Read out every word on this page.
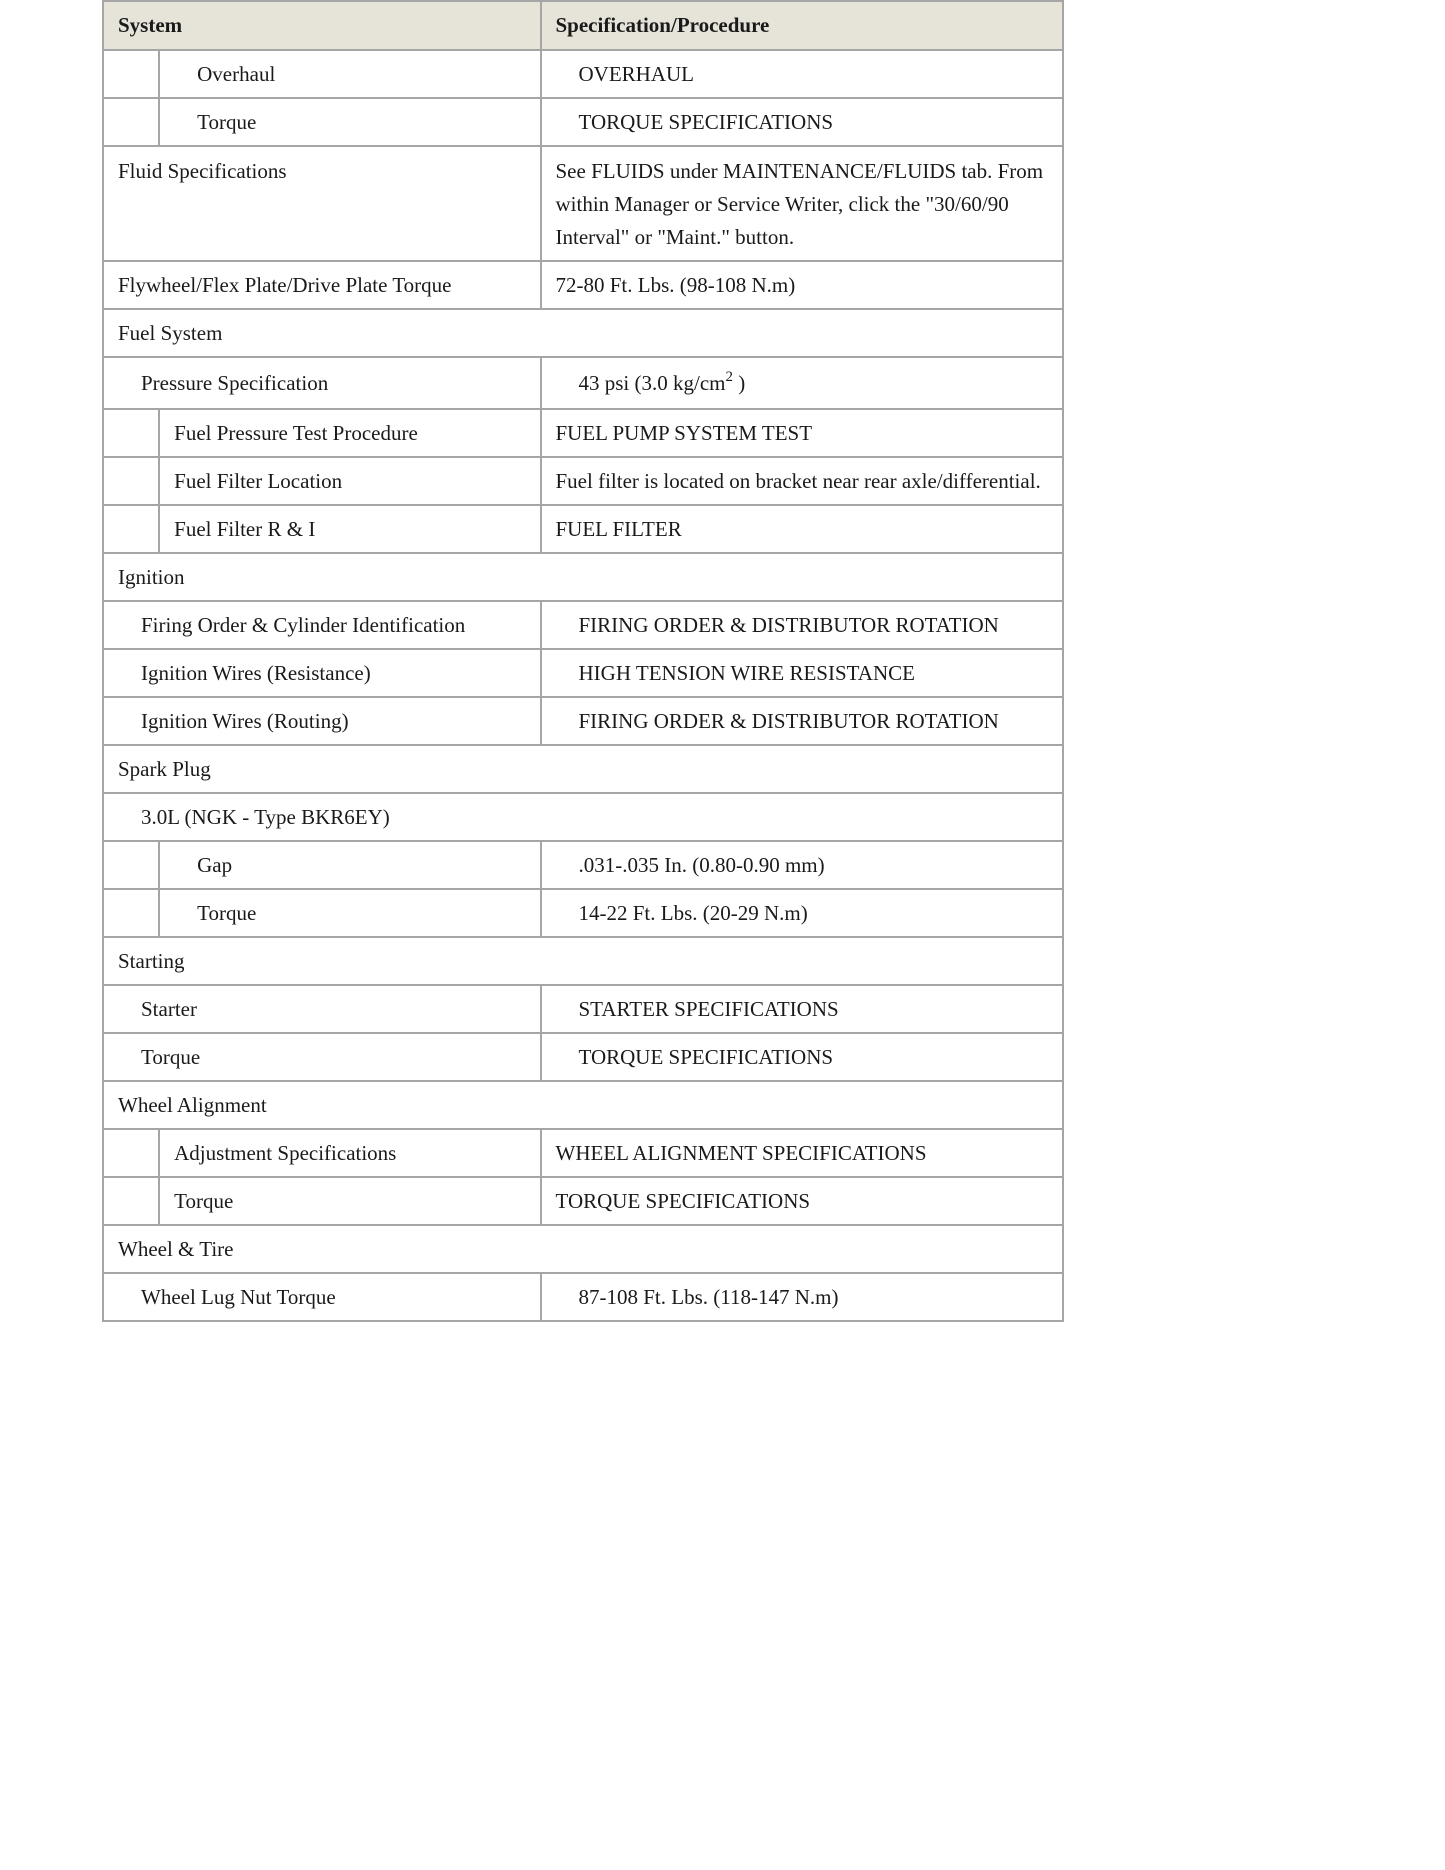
System		Specification/Procedure
	Overhaul	OVERHAUL
	Torque	TORQUE SPECIFICATIONS
Fluid Specifications		See FLUIDS under MAINTENANCE/FLUIDS tab. From within Manager or Service Writer, click the "30/60/90 Interval" or "Maint." button.
Flywheel/Flex Plate/Drive Plate Torque		72-80 Ft. Lbs. (98-108 N.m)
Fuel System		
Pressure Specification		43 psi (3.0 $kg/cm^2$ )
	Fuel Pressure Test Procedure	FUEL PUMP SYSTEM TEST
	Fuel Filter Location	Fuel filter is located on bracket near rear axle/differential.
	Fuel Filter R & I	FUEL FILTER
Ignition		
Firing Order & Cylinder Identification		FIRING ORDER & DISTRIBUTOR ROTATION
Ignition Wires (Resistance)		HIGH TENSION WIRE RESISTANCE
Ignition Wires (Routing)		FIRING ORDER & DISTRIBUTOR ROTATION
Spark Plug		
3.0L (NGK - Type BKR6EY)		
	Gap	.031-.035 In. (0.80-0.90 mm)
	Torque	14-22 Ft. Lbs. (20-29 N.m)
Starting		
Starter		STARTER SPECIFICATIONS
Torque		TORQUE SPECIFICATIONS
Wheel Alignment		
	Adjustment Specifications	WHEEL ALIGNMENT SPECIFICATIONS
	Torque	TORQUE SPECIFICATIONS
Wheel & Tire		
Wheel Lug Nut Torque		87-108 Ft. Lbs. (118-147 N.m)
